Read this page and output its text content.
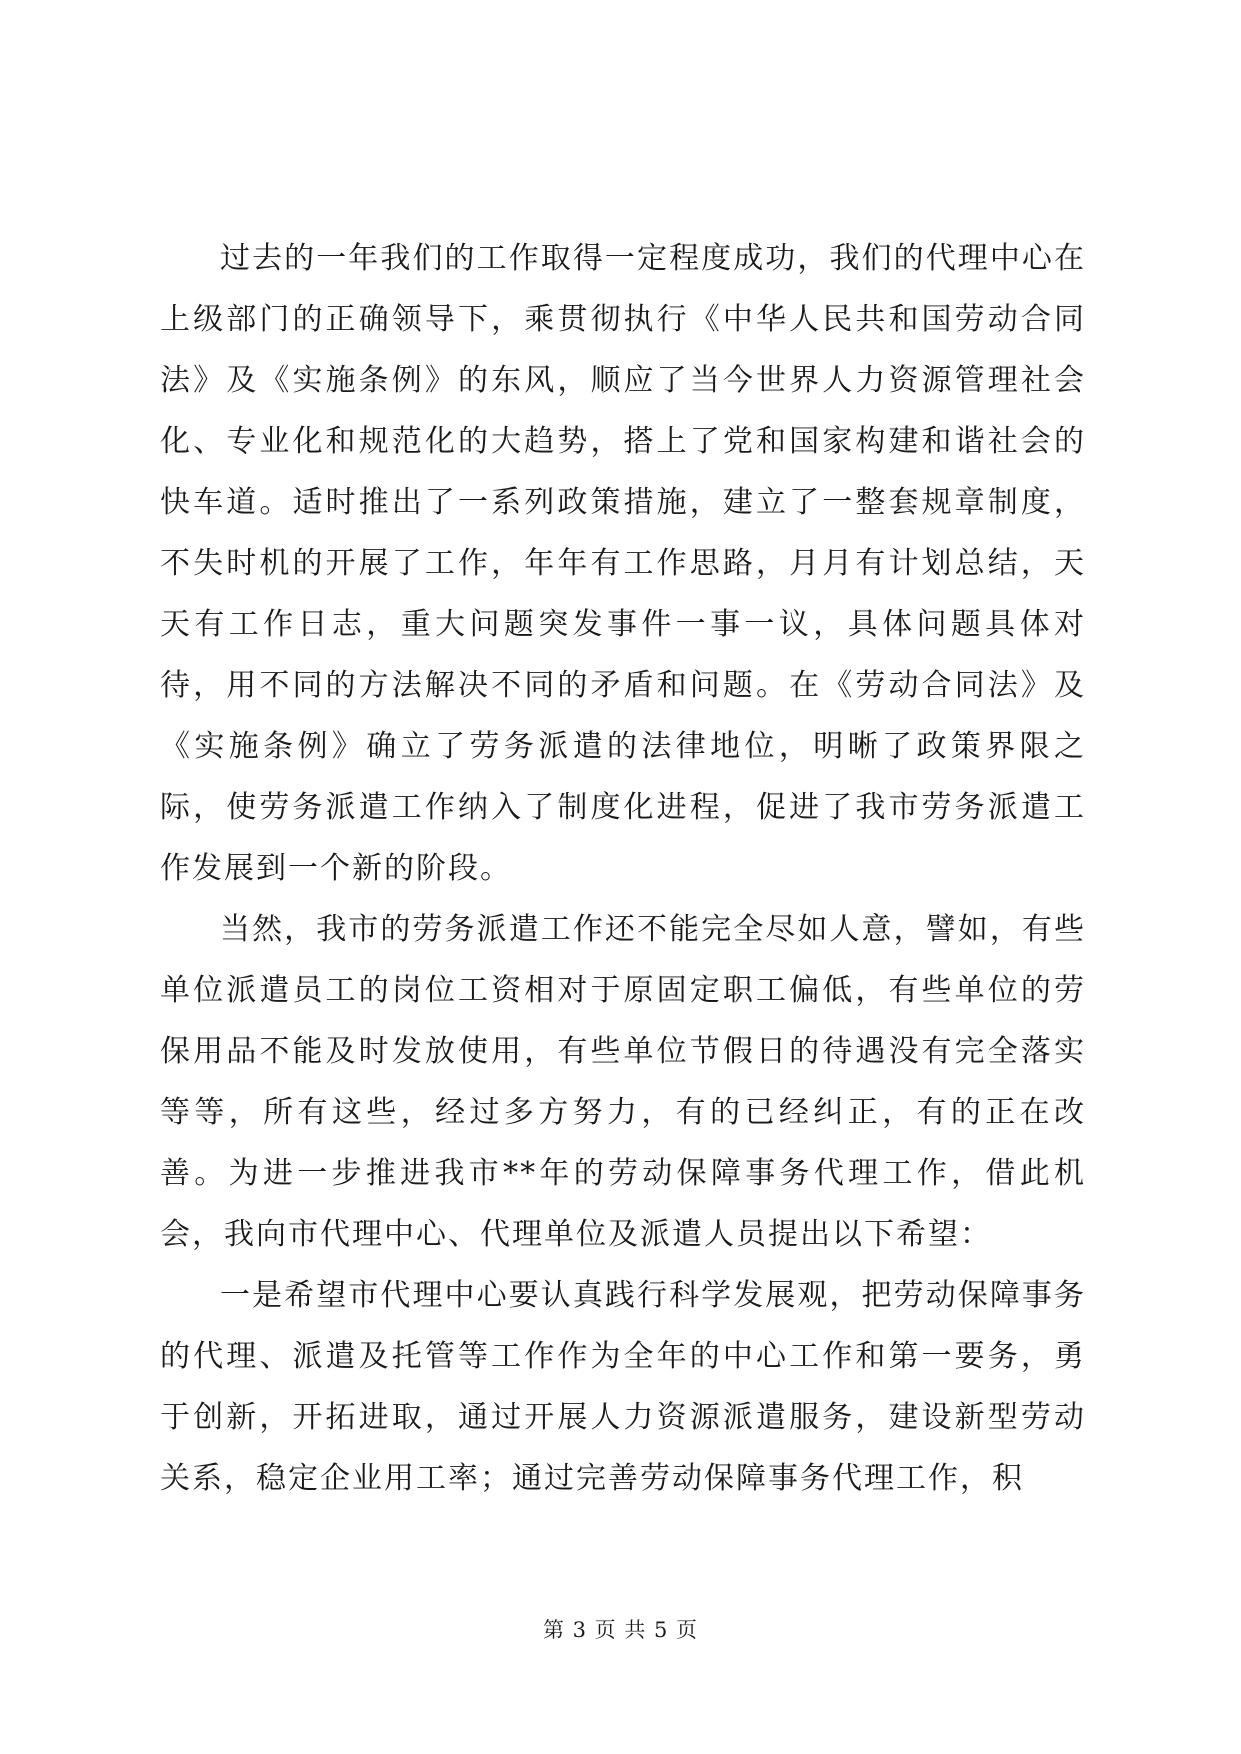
过去的一年我们的工作取得一定程度成功，我们的代理中心在上级部门的正确领导下，乘贯彻执行《中华人民共和国劳动合同法》及《实施条例》的东风，顺应了当今世界人力资源管理社会化、专业化和规范化的大趋势，搭上了党和国家构建和谐社会的快车道。适时推出了一系列政策措施，建立了一整套规章制度，不失时机的开展了工作，年年有工作思路，月月有计划总结，天天有工作日志，重大问题突发事件一事一议，具体问题具体对待，用不同的方法解决不同的矛盾和问题。在《劳动合同法》及《实施条例》确立了劳务派遣的法律地位，明晰了政策界限之际，使劳务派遣工作纳入了制度化进程，促进了我市劳务派遣工作发展到一个新的阶段。

当然，我市的劳务派遣工作还不能完全尽如人意，譬如，有些单位派遣员工的岗位工资相对于原固定职工偏低，有些单位的劳保用品不能及时发放使用，有些单位节假日的待遇没有完全落实等等，所有这些，经过多方努力，有的已经纠正，有的正在改善。为进一步推进我市**年的劳动保障事务代理工作，借此机会，我向市代理中心、代理单位及派遣人员提出以下希望：

一是希望市代理中心要认真践行科学发展观，把劳动保障事务的代理、派遣及托管等工作作为全年的中心工作和第一要务，勇于创新，开拓进取，通过开展人力资源派遣服务，建设新型劳动关系，稳定企业用工率；通过完善劳动保障事务代理工作，积

第 3 页 共 5 页
